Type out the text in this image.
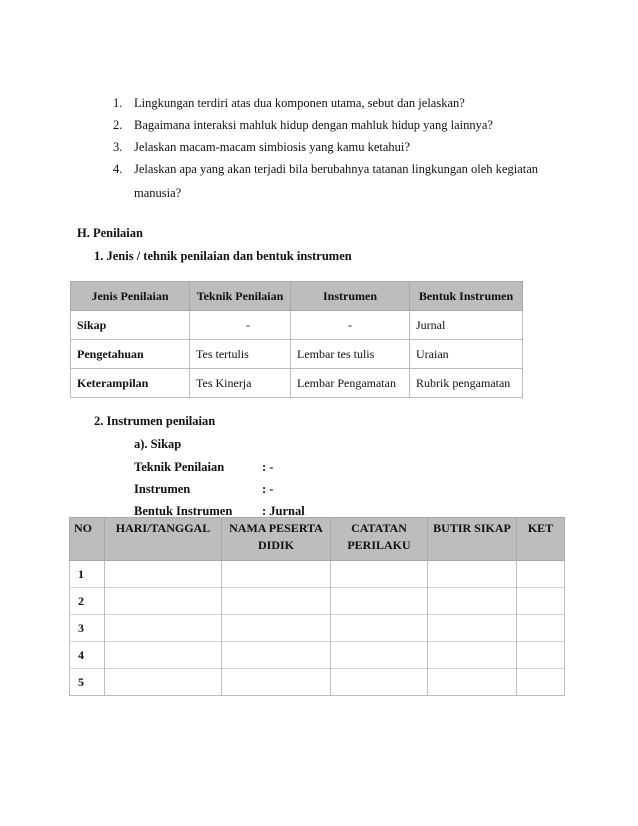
1. Lingkungan terdiri atas dua komponen utama, sebut dan jelaskan?
2. Bagaimana interaksi mahluk hidup dengan mahluk hidup yang lainnya?
3. Jelaskan macam-macam simbiosis yang kamu ketahui?
4. Jelaskan apa yang akan terjadi bila berubahnya tatanan lingkungan oleh kegiatan
manusia?
H. Penilaian
1. Jenis / tehnik penilaian dan bentuk instrumen
Jenis Penilaian	Teknik Penilaian	Instrumen	Bentuk Instrumen
Sikap	-	-	Jurnal
Pengetahuan	Tes tertulis	Lembar tes tulis	Uraian
Keterampilan	Tes Kinerja	Lembar Pengamatan	Rubrik pengamatan
2. Instrumen penilaian
a). Sikap
Teknik Penilaian	: -
Instrumen	: -
Bentuk Instrumen : Jurnal
NO	HARI/TANGGAL	NAMA PESERTA DIDIK	CATATAN PERILAKU	BUTIR SIKAP	KET
1					
2					
3					
4					
5					
